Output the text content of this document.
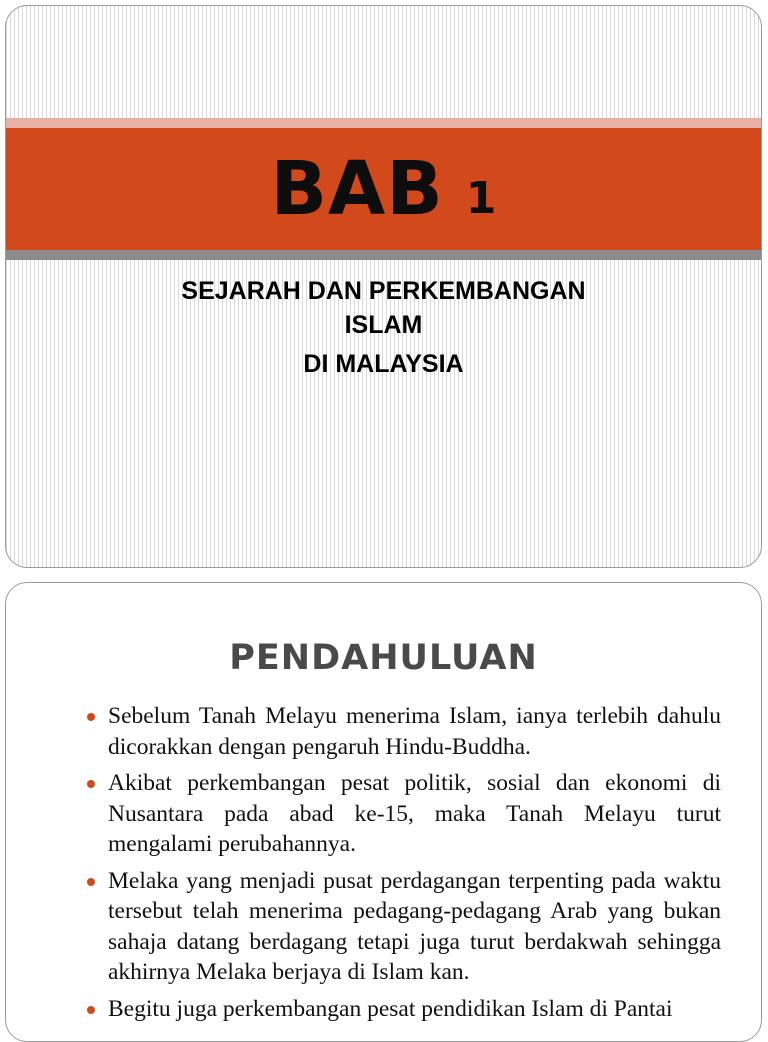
BAB 1
SEJARAH DAN PERKEMBANGAN
ISLAM
DI MALAYSIA
PENDAHULUAN
Sebelum Tanah Melayu menerima Islam, ianya terlebih dahulu dicorakkan dengan pengaruh Hindu-Buddha.
Akibat perkembangan pesat politik, sosial dan ekonomi di Nusantara pada abad ke-15, maka Tanah Melayu turut mengalami perubahannya.
Melaka yang menjadi pusat perdagangan terpenting pada waktu tersebut telah menerima pedagang-pedagang Arab yang bukan sahaja datang berdagang tetapi juga turut berdakwah sehingga akhirnya Melaka berjaya di Islam kan.
Begitu juga perkembangan pesat pendidikan Islam di Pantai
